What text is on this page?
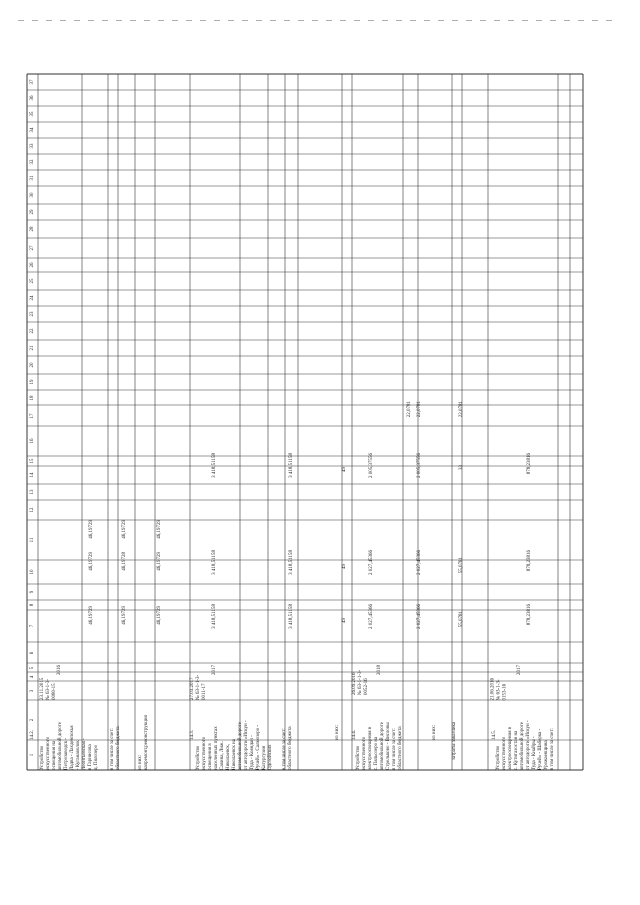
1
2
3
4
5
6
7
8
9
10
11
12
13
14
15
16
17
18
19
20
21
22
23
24
25
26
27
28
29
30
31
32
33
34
35
36
37
14.2.
Устройство
искусственного
освещения на
автомобильной дороге
Петрозаводск -
Ладва - Лахденпохья
- Куганаволок
Леонтьевская -
в Гарнисова
д. Пялозеро
23.11.2015
№ 63-1-3-
0080-15
2016
46,19729
46,19729
46,19729
в том числе за счет:
областного бюджета
46,19729
46,19728
46,19729
из них:
капремонт,реконструкция
46,19729
46,19729
46,19729
14.3.
Устройство
искусственного
освещения в
населенных пунктах
Савина, Лиж.
Николаевск,
Николаевск на
автомобильной дороге
от автодороги «Искун -
Туда - Кояндан -
Ручей» - Салмозеро -
Катургузин
Одозойских
27.03.2017
№ 63-1-1-3-
0011-17
2017
3 418,51158
3 418,51158
3 418,51158
в том числе за счет:
областного бюджета
3 418,51158
3 418,51158
3 418,51158
из них:	14.4.
Устройство
искусственного
электроосвещения в
с. Пяльозеро на
автомобильной дороге
Стрельково - Висловы
в том числе за счет:
областного бюджета
26.09.2016
№ 63-1-1-3-
0052-16
2018
49
49
49
2 027,45366
2 027,45366
2 005,37556
22,0781
2 027,45366
2 027,45366
2 005,37556
22,0781
затраты заказчика
55,0781
55,0781
33
22,0781
из них:	14.5.
Устройство
искусственного
электроосвещения в
с. Кутигазостан на
автомобильной дороге
от автодороги «Искун -
Туда - Кнайры -
Ручей» - Шаберка -
Урожаевщина
в том числе за счет:
21.06.2016
№ 63-1-3-
0153-16
2017
878,23816
878,23816
878,23816
